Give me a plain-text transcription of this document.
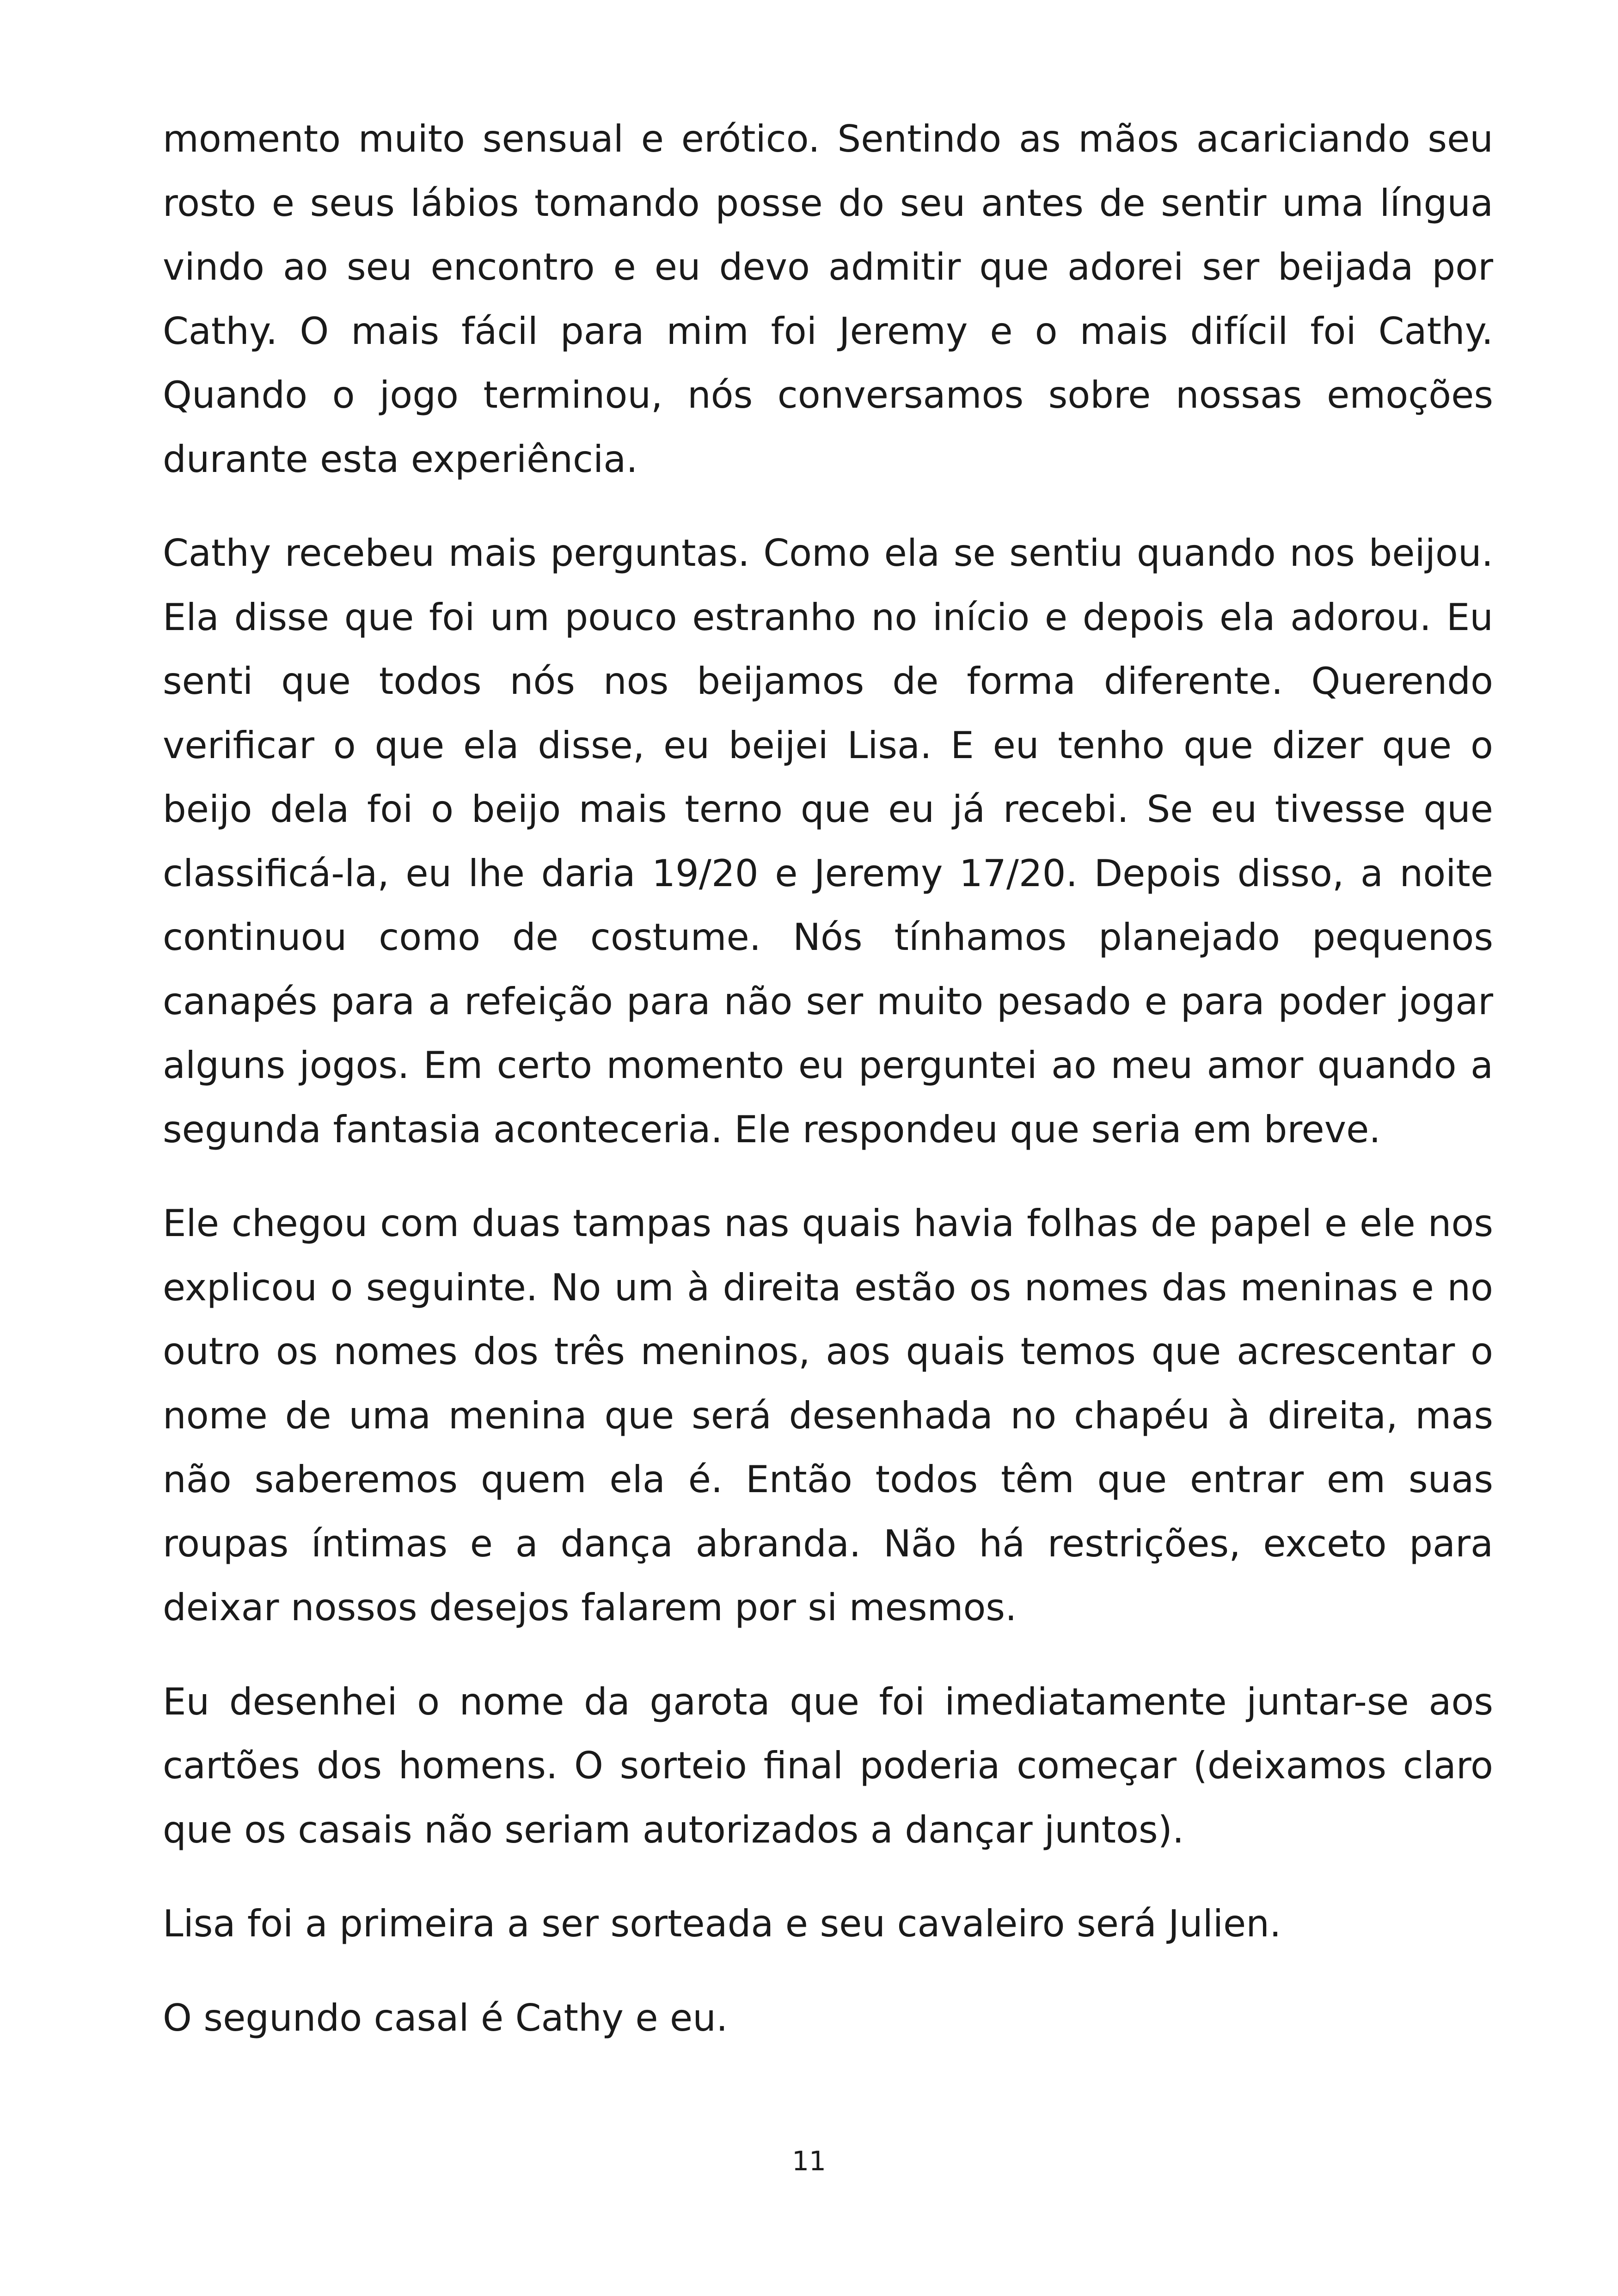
momento muito sensual e erótico. Sentindo as mãos acariciando seu rosto e seus lábios tomando posse do seu antes de sentir uma língua vindo ao seu encontro e eu devo admitir que adorei ser beijada por Cathy. O mais fácil para mim foi Jeremy e o mais difícil foi Cathy. Quando o jogo terminou, nós conversamos sobre nossas emoções durante esta experiência.

Cathy recebeu mais perguntas. Como ela se sentiu quando nos beijou. Ela disse que foi um pouco estranho no início e depois ela adorou. Eu senti que todos nós nos beijamos de forma diferente. Querendo verificar o que ela disse, eu beijei Lisa. E eu tenho que dizer que o beijo dela foi o beijo mais terno que eu já recebi. Se eu tivesse que classificá-la, eu lhe daria 19/20 e Jeremy 17/20. Depois disso, a noite continuou como de costume. Nós tínhamos planejado pequenos canapés para a refeição para não ser muito pesado e para poder jogar alguns jogos. Em certo momento eu perguntei ao meu amor quando a segunda fantasia aconteceria. Ele respondeu que seria em breve.

Ele chegou com duas tampas nas quais havia folhas de papel e ele nos explicou o seguinte. No um à direita estão os nomes das meninas e no outro os nomes dos três meninos, aos quais temos que acrescentar o nome de uma menina que será desenhada no chapéu à direita, mas não saberemos quem ela é. Então todos têm que entrar em suas roupas íntimas e a dança abranda. Não há restrições, exceto para deixar nossos desejos falarem por si mesmos.

Eu desenhei o nome da garota que foi imediatamente juntar-se aos cartões dos homens. O sorteio final poderia começar (deixamos claro que os casais não seriam autorizados a dançar juntos).

Lisa foi a primeira a ser sorteada e seu cavaleiro será Julien.

O segundo casal é Cathy e eu.

11
